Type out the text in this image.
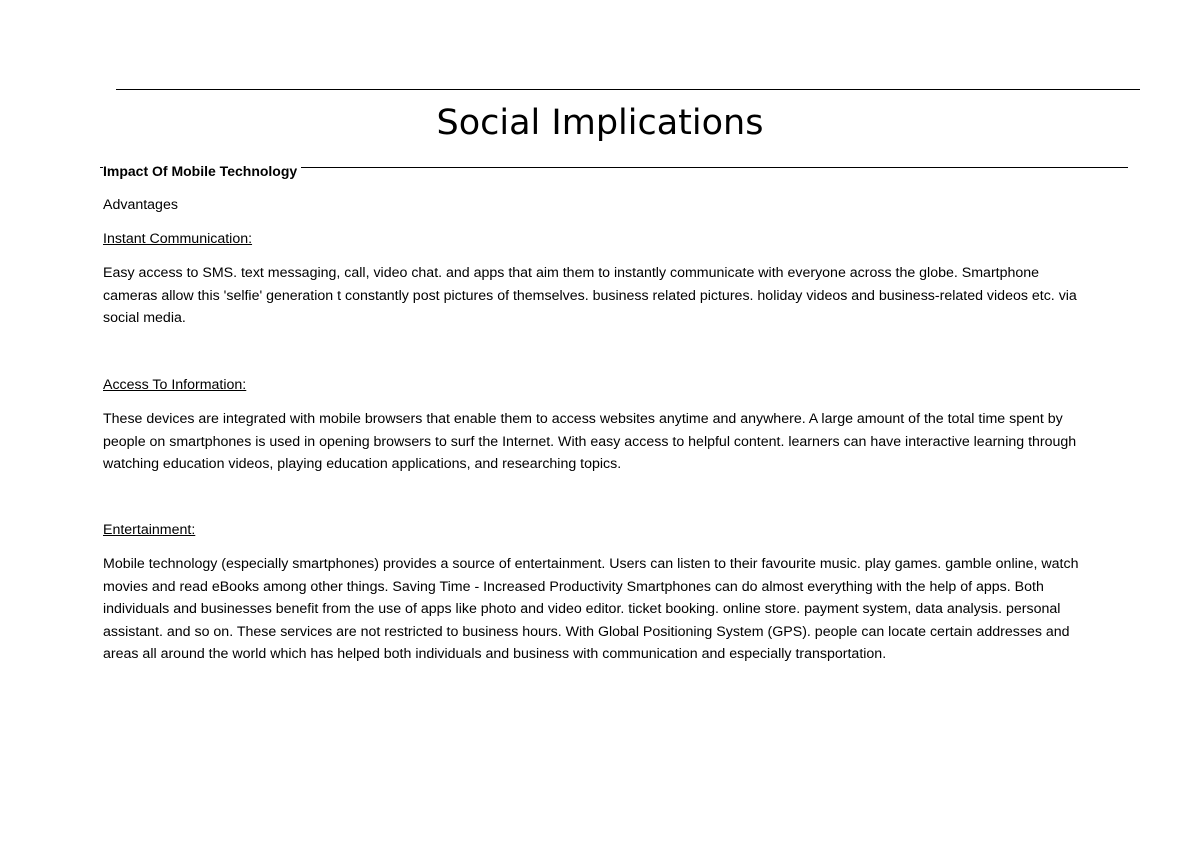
Social Implications

Impact Of Mobile Technology

Advantages

Instant Communication:

Easy access to SMS. text messaging, call, video chat. and apps that aim them to instantly communicate with everyone across the globe. Smartphone cameras allow this 'selfie' generation t constantly post pictures of themselves. business related pictures. holiday videos and business-related videos etc. via social media.

Access To Information:

These devices are integrated with mobile browsers that enable them to access websites anytime and anywhere. A large amount of the total time spent by people on smartphones is used in opening browsers to surf the Internet. With easy access to helpful content. learners can have interactive learning through watching education videos, playing education applications, and researching topics.

Entertainment:

Mobile technology (especially smartphones) provides a source of entertainment. Users can listen to their favourite music. play games. gamble online, watch movies and read eBooks among other things. Saving Time - Increased Productivity Smartphones can do almost everything with the help of apps. Both individuals and businesses benefit from the use of apps like photo and video editor. ticket booking. online store. payment system, data analysis. personal assistant. and so on. These services are not restricted to business hours. With Global Positioning System (GPS). people can locate certain addresses and areas all around the world which has helped both individuals and business with communication and especially transportation.
